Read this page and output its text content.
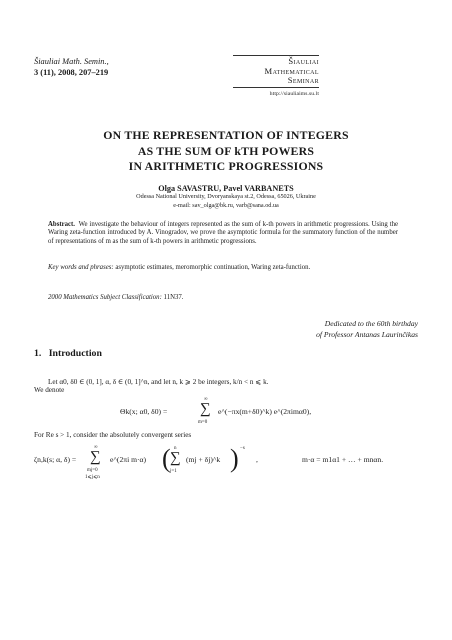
Šiauliai Math. Semin.,
3 (11), 2008, 207–219
Šiauliai
Mathematical
Seminar
http://siauliaims.su.lt
ON THE REPRESENTATION OF INTEGERS
AS THE SUM OF kTH POWERS
IN ARITHMETIC PROGRESSIONS
Olga SAVASTRU, Pavel VARBANETS
Odessa National University, Dvoryanskaya st.2, Odessa, 65026, Ukraine
e-mail: sav_olga@bk.ru, varb@sana.od.ua
Abstract. We investigate the behaviour of integers represented as the sum of k-th powers in arithmetic progressions. Using the Waring zeta-function introduced by A. Vinogradov, we prove the asymptotic formula for the summatory function of the number of representations of m as the sum of k-th powers in arithmetic progressions.
Key words and phrases: asymptotic estimates, meromorphic continuation, Waring zeta-function.
2000 Mathematics Subject Classification: 11N37.
Dedicated to the 60th birthday
of Professor Antanas Laurinčikas
1. Introduction
Let α0, δ0 ∈ (0, 1], α, δ ∈ (0, 1]^n, and let n, k ⩾ 2 be integers, k/n < n ⩽ k.
We denote
Θk(x; α0, δ0) =
∞
∑
m=0
e^(−πx(m+δ0)^k) e^(2πimα0),
For Re s > 1, consider the absolutely convergent series
ζn,k(s; α, δ) =
∞
∑
mj=0
1⩽j⩽n
e^(2πi m·α) ( n
∑
j=1
(mj + δj)^k ) −s
,	m·α = m1α1 + … + mnαn.
